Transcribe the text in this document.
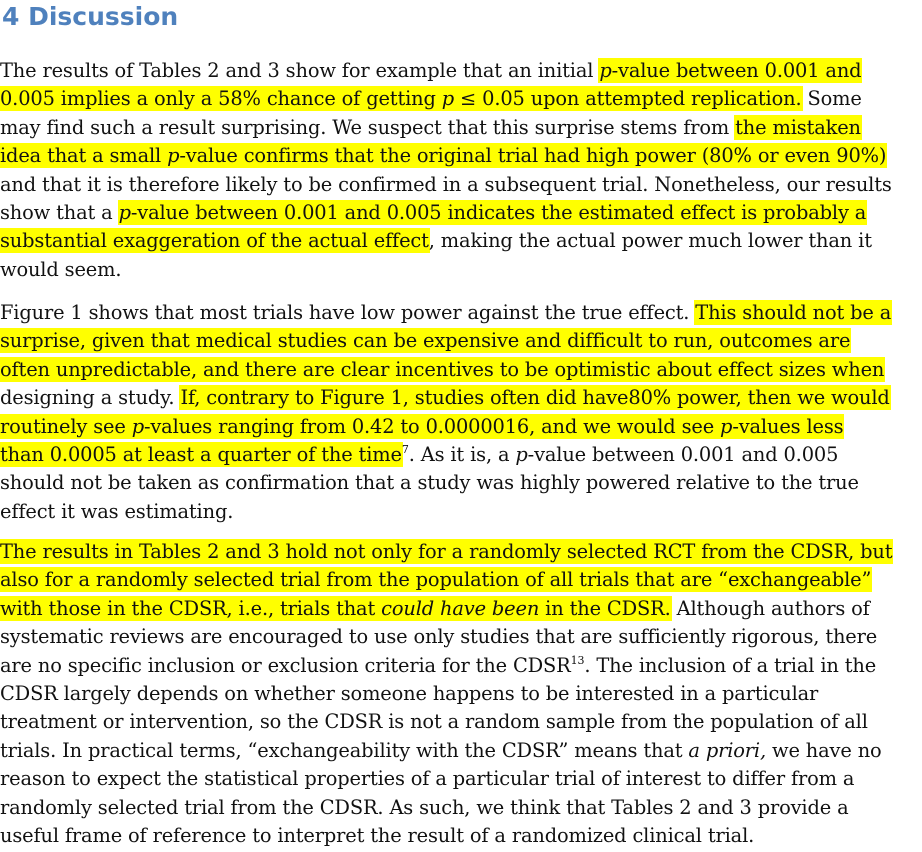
4 Discussion
The results of Tables 2 and 3 show for example that an initial p-value between 0.001 and
0.005 implies a only a 58% chance of getting p ≤ 0.05 upon attempted replication. Some
may find such a result surprising. We suspect that this surprise stems from the mistaken
idea that a small p-value confirms that the original trial had high power (80% or even 90%)
and that it is therefore likely to be confirmed in a subsequent trial. Nonetheless, our results
show that a p-value between 0.001 and 0.005 indicates the estimated effect is probably a
substantial exaggeration of the actual effect, making the actual power much lower than it
would seem.
Figure 1 shows that most trials have low power against the true effect. This should not be a
surprise, given that medical studies can be expensive and difficult to run, outcomes are
often unpredictable, and there are clear incentives to be optimistic about effect sizes when
designing a study. If, contrary to Figure 1, studies often did have80% power, then we would
routinely see p-values ranging from 0.42 to 0.0000016, and we would see p-values less
than 0.0005 at least a quarter of the time$^7$. As it is, a p-value between 0.001 and 0.005
should not be taken as confirmation that a study was highly powered relative to the true
effect it was estimating.
The results in Tables 2 and 3 hold not only for a randomly selected RCT from the CDSR, but
also for a randomly selected trial from the population of all trials that are “exchangeable”
with those in the CDSR, i.e., trials that could have been in the CDSR. Although authors of
systematic reviews are encouraged to use only studies that are sufficiently rigorous, there
are no specific inclusion or exclusion criteria for the CDSR$^{13}$. The inclusion of a trial in the
CDSR largely depends on whether someone happens to be interested in a particular
treatment or intervention, so the CDSR is not a random sample from the population of all
trials. In practical terms, “exchangeability with the CDSR” means that a priori, we have no
reason to expect the statistical properties of a particular trial of interest to differ from a
randomly selected trial from the CDSR. As such, we think that Tables 2 and 3 provide a
useful frame of reference to interpret the result of a randomized clinical trial.
